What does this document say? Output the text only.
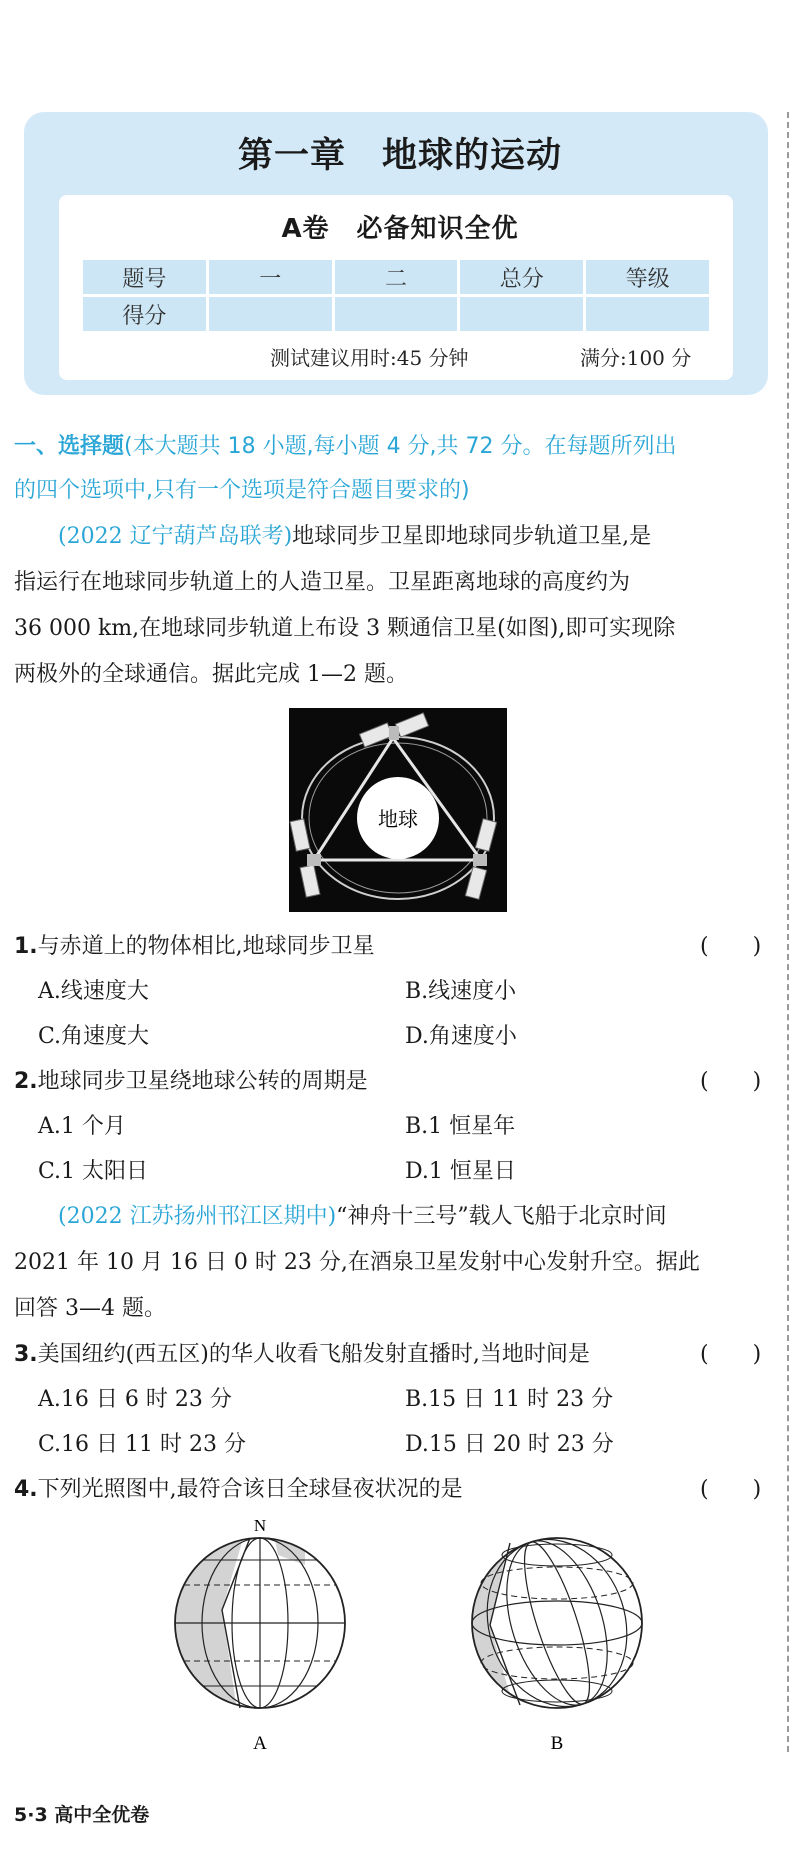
第一章　地球的运动
A卷　必备知识全优
题号	一	二	总分	等级
得分				
测试建议用时:45 分钟	满分:100 分
一、选择题(本大题共 18 小题,每小题 4 分,共 72 分。在每题所列出
的四个选项中,只有一个选项是符合题目要求的)
(2022 辽宁葫芦岛联考)地球同步卫星即地球同步轨道卫星,是
指运行在地球同步轨道上的人造卫星。卫星距离地球的高度约为
36 000 km,在地球同步轨道上布设 3 颗通信卫星(如图),即可实现除
两极外的全球通信。据此完成 1—2 题。
地球
1.与赤道上的物体相比,地球同步卫星	(　　)
A.线速度大	B.线速度小
C.角速度大	D.角速度小
2.地球同步卫星绕地球公转的周期是	(　　)
A.1 个月	B.1 恒星年
C.1 太阳日	D.1 恒星日
(2022 江苏扬州邗江区期中)“神舟十三号”载人飞船于北京时间
2021 年 10 月 16 日 0 时 23 分,在酒泉卫星发射中心发射升空。据此
回答 3—4 题。
3.美国纽约(西五区)的华人收看飞船发射直播时,当地时间是	(　　)
A.16 日 6 时 23 分	B.15 日 11 时 23 分
C.16 日 11 时 23 分	D.15 日 20 时 23 分
4.下列光照图中,最符合该日全球昼夜状况的是	(　　)
N
A	B
5·3 高中全优卷
